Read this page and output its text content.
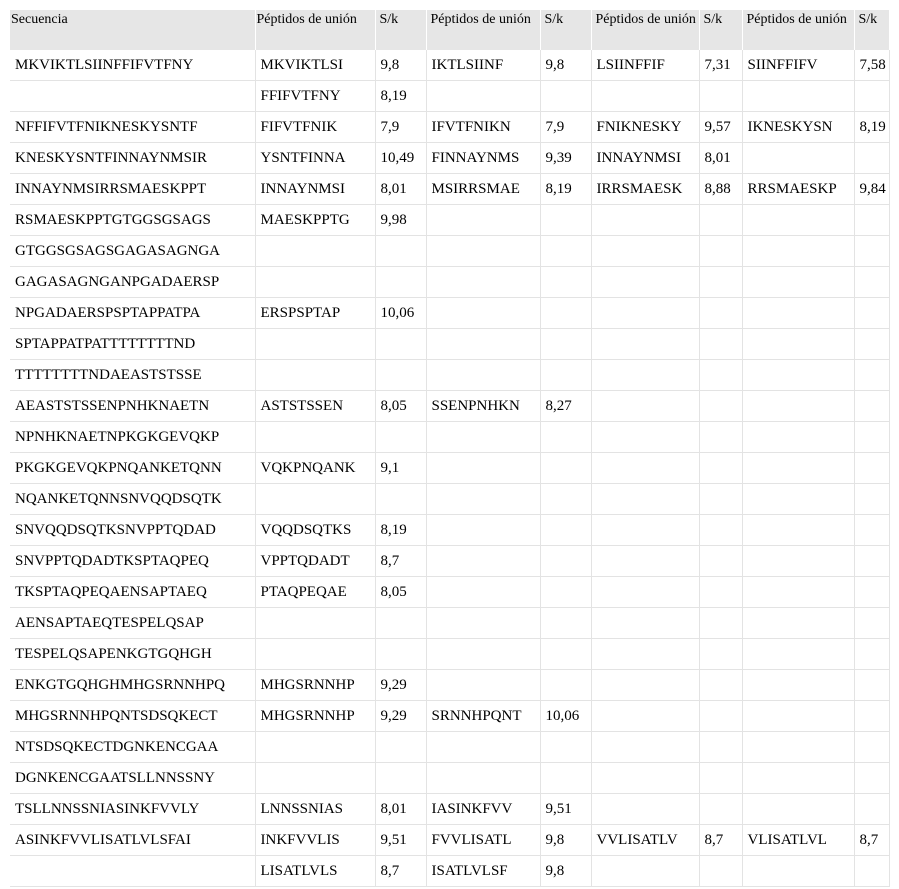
Secuencia	Péptidos de unión	S/k	Péptidos de unión	S/k	Péptidos de unión	S/k	Péptidos de unión	S/k
MKVIKTLSIINFFIFVTFNY	MKVIKTLSI	9,8	IKTLSIINF	9,8	LSIINFFIF	7,31	SIINFFIFV	7,58
	FFIFVTFNY	8,19						
NFFIFVTFNIKNESKYSNTF	FIFVTFNIK	7,9	IFVTFNIKN	7,9	FNIKNESKY	9,57	IKNESKYSN	8,19
KNESKYSNTFINNAYNMSIR	YSNTFINNA	10,49	FINNAYNMS	9,39	INNAYNMSI	8,01		
INNAYNMSIRRSMAESKPPT	INNAYNMSI	8,01	MSIRRSMAE	8,19	IRRSMAESK	8,88	RRSMAESKP	9,84
RSMAESKPPTGTGGSGSAGS	MAESKPPTG	9,98						
GTGGSGSAGSGAGASAGNGA								
GAGASAGNGANPGADAERSP								
NPGADAERSPSPTAPPATPA	ERSPSPTAP	10,06						
SPTAPPATPATTTTTTTTND								
TTTTTTTTNDAEASTSTSSE								
AEASTSTSSENPNHKNAETN	ASTSTSSEN	8,05	SSENPNHKN	8,27				
NPNHKNAETNPKGKGEVQKP								
PKGKGEVQKPNQANKETQNN	VQKPNQANK	9,1						
NQANKETQNNSNVQQDSQTK								
SNVQQDSQTKSNVPPTQDAD	VQQDSQTKS	8,19						
SNVPPTQDADTKSPTAQPEQ	VPPTQDADT	8,7						
TKSPTAQPEQAENSAPTAEQ	PTAQPEQAE	8,05						
AENSAPTAEQTESPELQSAP								
TESPELQSAPENKGTGQHGH								
ENKGTGQHGHMHGSRNNHPQ	MHGSRNNHP	9,29						
MHGSRNNHPQNTSDSQKECT	MHGSRNNHP	9,29	SRNNHPQNT	10,06				
NTSDSQKECTDGNKENCGAA								
DGNKENCGAATSLLNNSSNY								
TSLLNNSSNIASINKFVVLY	LNNSSNIAS	8,01	IASINKFVV	9,51				
ASINKFVVLISATLVLSFAI	INKFVVLIS	9,51	FVVLISATL	9,8	VVLISATLV	8,7	VLISATLVL	8,7
	LISATLVLS	8,7	ISATLVLSF	9,8				
